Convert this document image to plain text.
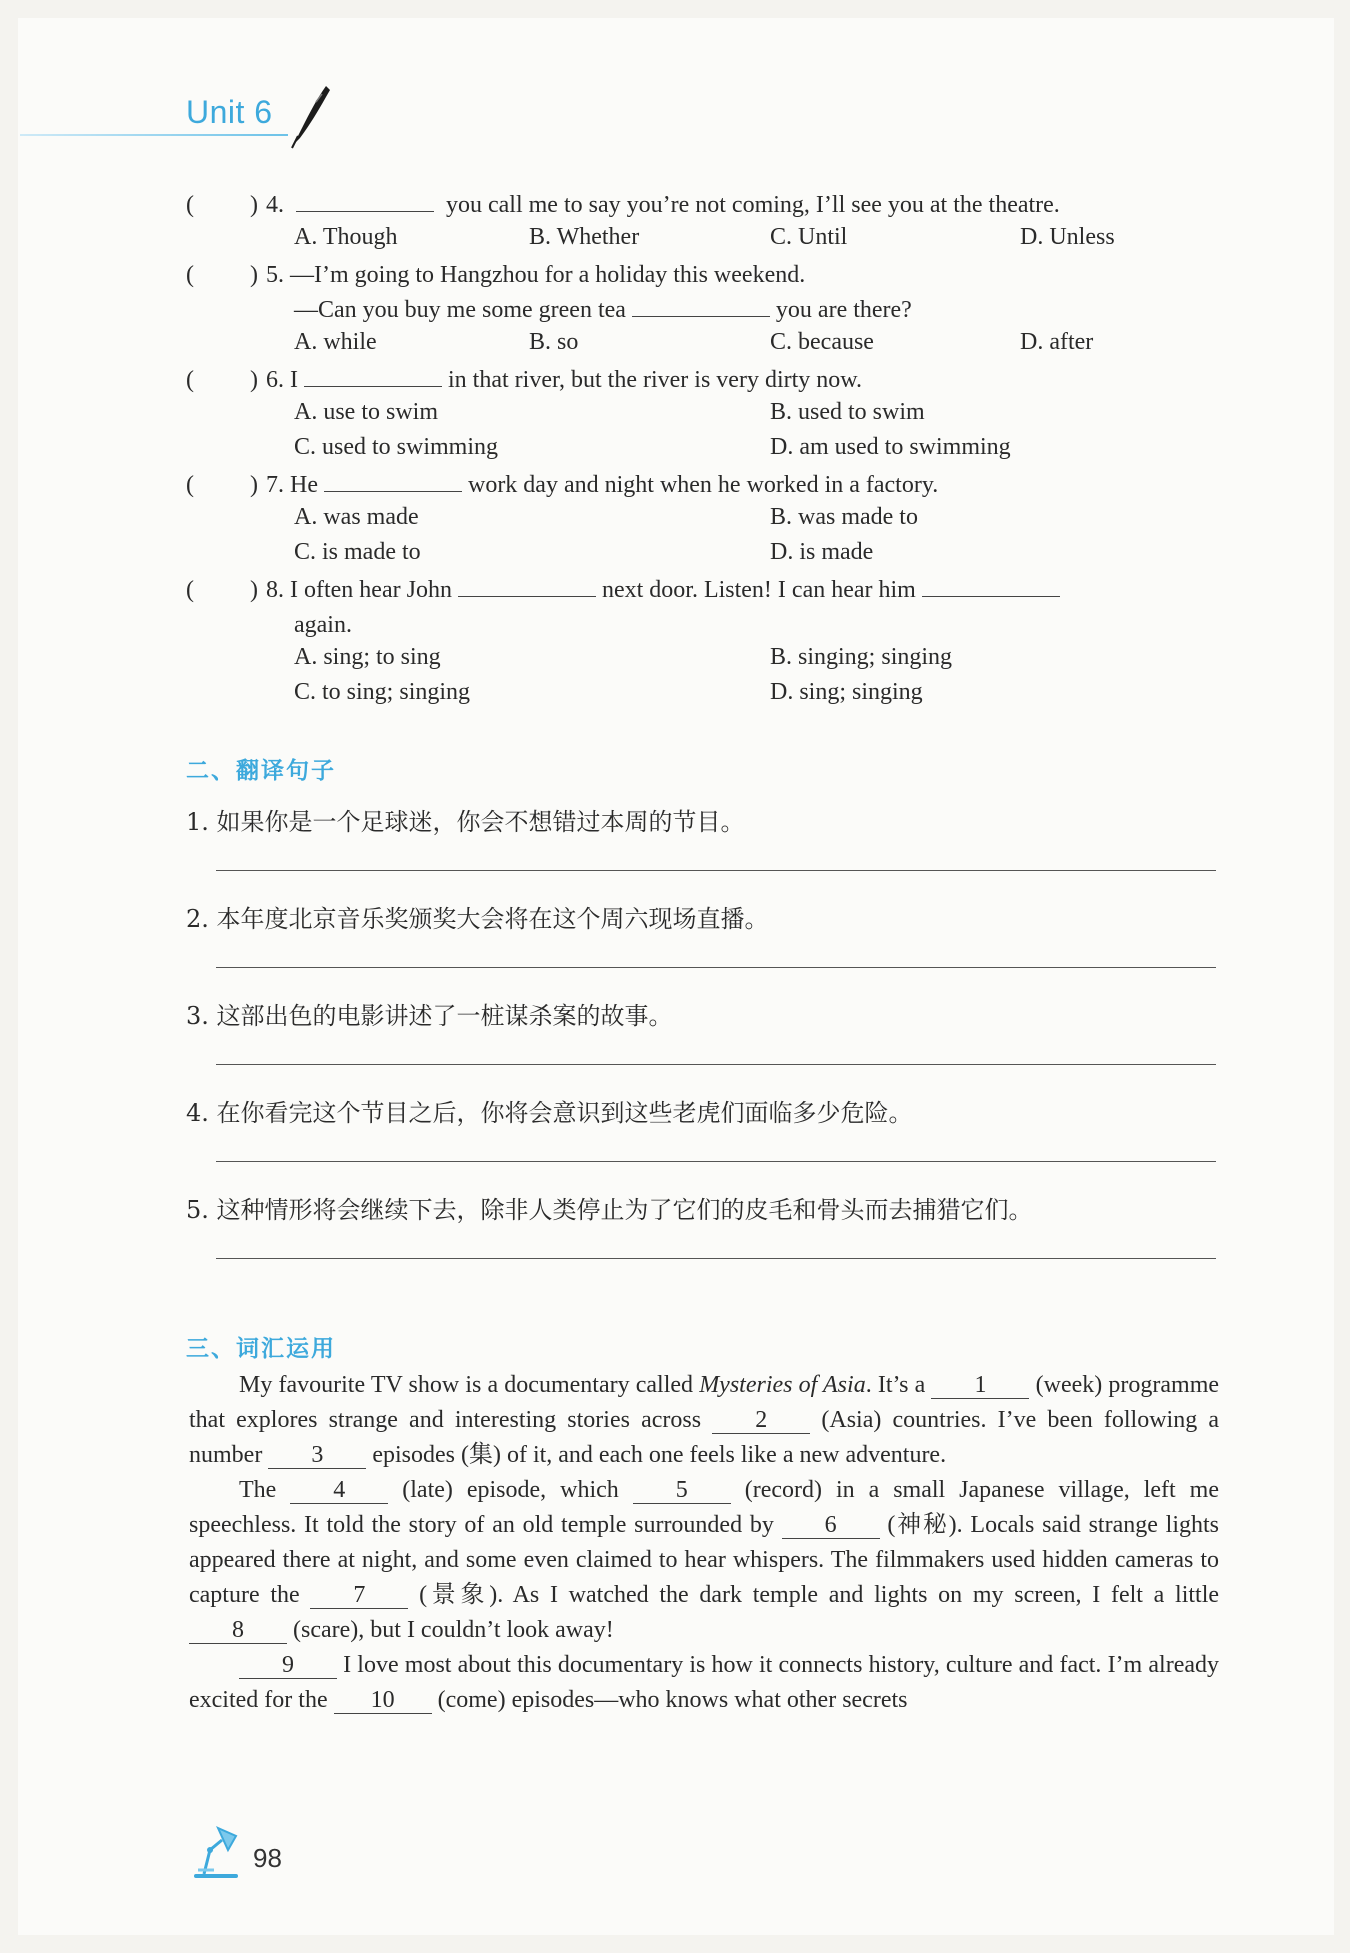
Unit 6
( ) 4.	you call me to say you’re not coming, I’ll see you at the theatre.
A. Though	B. Whether	C. Until	D. Unless
( ) 5. —I’m going to Hangzhou for a holiday this weekend.
—Can you buy me some green tea	you are there?
A. while	B. so	C. because	D. after
( ) 6. I	in that river, but the river is very dirty now.
A. use to swim	B. used to swim
C. used to swimming	D. am used to swimming
( ) 7. He	work day and night when he worked in a factory.
A. was made	B. was made to
C. is made to	D. is made
( ) 8. I often hear John	next door. Listen! I can hear him
again.
A. sing; to sing	B. singing; singing
C. to sing; singing	D. sing; singing
二、翻译句子
1. 如果你是一个足球迷，你会不想错过本周的节目。
2. 本年度北京音乐奖颁奖大会将在这个周六现场直播。
3. 这部出色的电影讲述了一桩谋杀案的故事。
4. 在你看完这个节目之后，你将会意识到这些老虎们面临多少危险。
5. 这种情形将会继续下去，除非人类停止为了它们的皮毛和骨头而去捕猎它们。
三、词汇运用

My favourite TV show is a documentary called Mysteries of Asia. It’s a 1 (week) programme that explores strange and interesting stories across 2 (Asia) countries. I’ve been following a number 3 episodes (集) of it, and each one feels like a new adventure.

The 4 (late) episode, which 5 (record) in a small Japanese village, left me speechless. It told the story of an old temple surrounded by 6 (神秘). Locals said strange lights appeared there at night, and some even claimed to hear whispers. The filmmakers used hidden cameras to capture the 7 (景象). As I watched the dark temple and lights on my screen, I felt a little 8 (scare), but I couldn’t look away!

9 I love most about this documentary is how it connects history, culture and fact. I’m already excited for the 10 (come) episodes—who knows what other secrets

98
